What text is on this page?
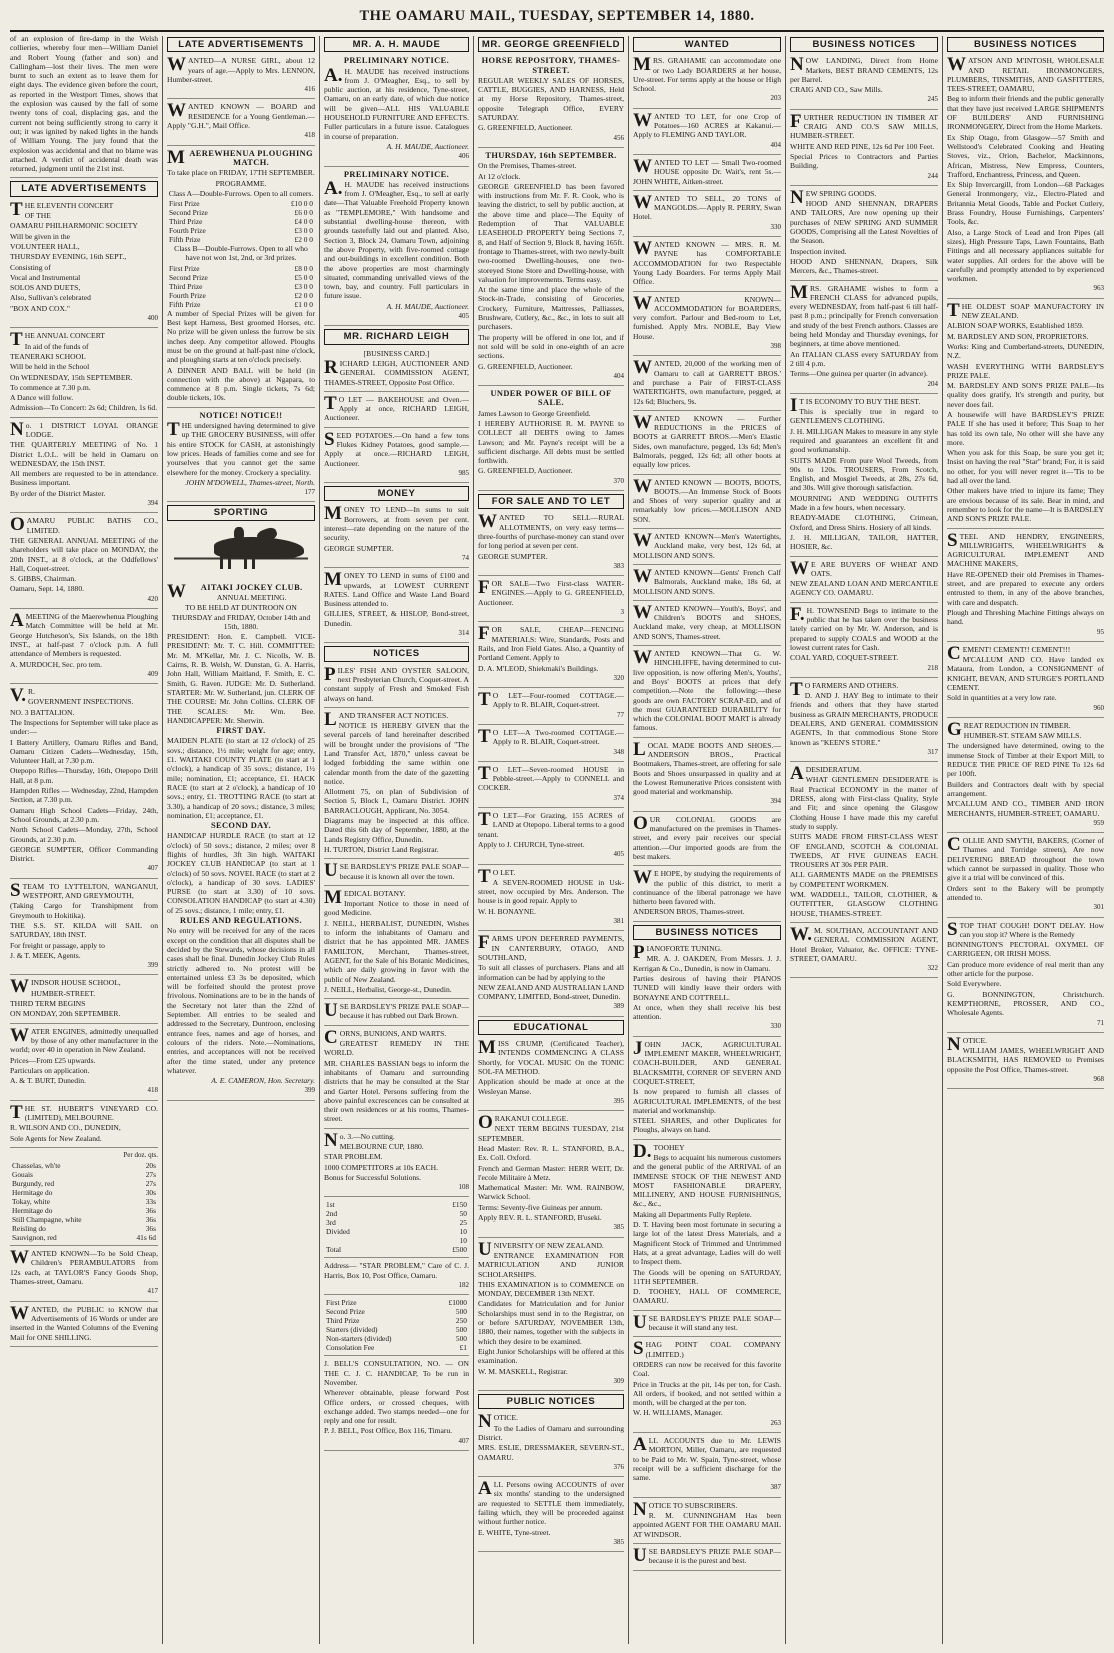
THE OAMARU MAIL, TUESDAY, SEPTEMBER 14, 1880.

of an explosion of fire-damp in the Welsh collieries, whereby four men—William Daniel and Robert Young (father and son) and Callingham—lost their lives. The men were burnt to such an extent as to leave them for eight days. The evidence given before the court, as reported in the Westport Times, shows that the explosion was caused by the fall of some twenty tons of coal, displacing gas, and the current not being sufficiently strong to carry it out; it was ignited by naked lights in the hands of William Young. The jury found that the explosion was accidental and that no blame was attached. A verdict of accidental death was returned, judgment until the 21st inst.

LATE ADVERTISEMENTS

THE ELEVENTH CONCERT

OF THE

OAMARU PHILHARMONIC SOCIETY

Will be given in the

VOLUNTEER HALL,

THURSDAY EVENING, 16th SEPT.,

Consisting of

Vocal and Instrumental

SOLOS AND DUETS,

Also, Sullivan's celebrated

"BOX AND COX."

400

THE ANNUAL CONCERT

In aid of the funds of

TEANERAKI SCHOOL

Will be held in the School

On WEDNESDAY, 15th SEPTEMBER.

To commence at 7.30 p.m.

A Dance will follow.

Admission—To Concert: 2s 6d; Children, 1s 6d.

No. 1 DISTRICT LOYAL ORANGE LODGE.

THE QUARTERLY MEETING of No. 1 District L.O.L. will be held in Oamaru on WEDNESDAY, the 15th INST.

All members are requested to be in attendance. Business important.

By order of the District Master.

394

OAMARU PUBLIC BATHS CO., LIMITED.

THE GENERAL ANNUAL MEETING of the shareholders will take place on MONDAY, the 20th INST., at 8 o'clock, at the Oddfellows' Hall, Coquet-street.

S. GIBBS, Chairman.

Oamaru, Sept. 14, 1880.

420

AMEETING of the Maerewhenua Ploughing Match Committee will be held at Mr. George Hutcheson's, Six Islands, on the 18th INST., at half-past 7 o'clock p.m. A full attendance of Members is requested.

A. MURDOCH, Sec. pro tem.

409

V.R.

GOVERNMENT INSPECTIONS.

NO. 3 BATTALION.

The Inspections for September will take place as under:—

I Battery Artillery, Oamaru Rifles and Band, Oamaru Citizen Cadets—Wednesday, 15th, Volunteer Hall, at 7.30 p.m.

Otepopo Rifles—Thursday, 16th, Otepopo Drill Hall, at 8 p.m.

Hampden Rifles — Wednesday, 22nd, Hampden Section, at 7.30 p.m.

Oamaru High School Cadets—Friday, 24th, School Grounds, at 2.30 p.m.

North School Cadets—Monday, 27th, School Grounds, at 2.30 p.m.

GEORGE SUMPTER, Officer Commanding District.

407

STEAM TO LYTTELTON, WANGANUI, WESTPORT, AND GREYMOUTH,

(Taking Cargo for Transhipment from Greymouth to Hokitika).

THE S.S. ST. KILDA will SAIL on SATURDAY, 18th INST.

For freight or passage, apply to

J. & T. MEEK, Agents.

399

WINDSOR HOUSE SCHOOL,

HUMBER-STREET.

THIRD TERM BEGINS

ON MONDAY, 20th SEPTEMBER.

WATER ENGINES, admittedly unequalled by those of any other manufacturer in the world; over 40 in operation in New Zealand.

Prices—From £25 upwards.

Particulars on application.

A. & T. BURT, Dunedin.

418

THE ST. HUBERT'S VINEYARD CO. (LIMITED), MELBOURNE.

R. WILSON AND CO., DUNEDIN,

Sole Agents for New Zealand.

Per doz. qts.

Chasselas, wh'te	20s
Gouais	27s
Burgundy, red	27s
Hermitage do	30s
Tokay, white	33s
Hermitage do	36s
Still Champagne, white	36s
Reisling do	36s
Sauvignon, red	41s 6d

WANTED KNOWN—To be Sold Cheap, Children's PERAMBULATORS from 12s each, at TAYLOR'S Fancy Goods Shop, Thames-street, Oamaru.

417

WANTED, the PUBLIC to KNOW that Advertisements of 16 Words or under are inserted in the Wanted Columns of the Evening Mail for ONE SHILLING.

LATE ADVERTISEMENTS

WANTED—A NURSE GIRL, about 12 years of age.—Apply to Mrs. LENNON, Humber-street.

416

WANTED KNOWN — BOARD and RESIDENCE for a Young Gentleman.—Apply "G.H.", Mail Office.

418

MAEREWHENUA PLOUGHING MATCH.

To take place on FRIDAY, 17TH SEPTEMBER.

PROGRAMME.

Class A—Double-Furrows. Open to all comers.

First Prize	£10 0 0
Second Prize	£6 0 0
Third Prize	£4 0 0
Fourth Prize	£3 0 0
Fifth Prize	£2 0 0

Class B—Double-Furrows. Open to all who have not won 1st, 2nd, or 3rd prizes.

First Prize	£8 0 0
Second Prize	£5 0 0
Third Prize	£3 0 0
Fourth Prize	£2 0 0
Fifth Prize	£1 0 0

A number of Special Prizes will be given for Best kept Harness, Best groomed Horses, etc. No prize will be given unless the furrow be six inches deep. Any competitor allowed. Ploughs must be on the ground at half-past nine o'clock, and ploughing starts at ten o'clock precisely.

A DINNER AND BALL will be held (in connection with the above) at Ngapara, to commence at 8 p.m. Single tickets, 7s 6d; double tickets, 10s.

NOTICE! NOTICE!!

THE undersigned having determined to give up THE GROCERY BUSINESS, will offer his entire STOCK for CASH, at astonishingly low prices. Heads of families come and see for yourselves that you cannot get the same elsewhere for the money. Crockery a speciality.

JOHN M'DOWELL, Thames-street, North.

177

SPORTING

WAITAKI JOCKEY CLUB.

ANNUAL MEETING.

TO BE HELD AT DUNTROON ON THURSDAY and FRIDAY, October 14th and 15th, 1880.

PRESIDENT: Hon. E. Campbell. VICE-PRESIDENT: Mr. T. C. Hill. COMMITTEE: Mr. M. M'Kellar, Mr. J. C. Nicolls, W. B. Cairns, R. B. Welsh, W. Dunstan, G. A. Harris, John Hall, William Maitland, F. Smith, E. C. Smith, G. Raven. JUDGE: Mr. D. Sutherland. STARTER: Mr. W. Sutherland, jun. CLERK OF THE COURSE: Mr. John Collins. CLERK OF THE SCALES: Mr. Wm. Bee. HANDICAPPER: Mr. Sherwin.

FIRST DAY.

MAIDEN PLATE (to start at 12 o'clock) of 25 sovs.; distance, 1½ mile; weight for age; entry, £1. WAITAKI COUNTY PLATE (to start at 1 o'clock), a handicap of 35 sovs.; distance, 1½ mile; nomination, £1; acceptance, £1. HACK RACE (to start at 2 o'clock), a handicap of 10 sovs.; entry, £1. TROTTING RACE (to start at 3.30), a handicap of 20 sovs.; distance, 3 miles; nomination, £1; acceptance, £1.

SECOND DAY.

HANDICAP HURDLE RACE (to start at 12 o'clock) of 50 sovs.; distance, 2 miles; over 8 flights of hurdles, 3ft 3in high. WAITAKI JOCKEY CLUB HANDICAP (to start at 1 o'clock) of 50 sovs. NOVEL RACE (to start at 2 o'clock), a handicap of 30 sovs. LADIES' PURSE (to start at 3.30) of 10 sovs. CONSOLATION HANDICAP (to start at 4.30) of 25 sovs.; distance, 1 mile; entry, £1.

RULES AND REGULATIONS.

No entry will be received for any of the races except on the condition that all disputes shall be decided by the Stewards, whose decisions in all cases shall be final. Dunedin Jockey Club Rules strictly adhered to. No protest will be entertained unless £3 3s be deposited, which will be forfeited should the protest prove frivolous. Nominations are to be in the hands of the Secretary not later than the 22nd of September. All entries to be sealed and addressed to the Secretary, Duntroon, enclosing entrance fees, names and age of horses, and colours of the riders. Note.—Nominations, entries, and acceptances will not be received after the time stated, under any pretence whatever.

A. E. CAMERON, Hon. Secretary.

399

MR. A. H. MAUDE

PRELIMINARY NOTICE.

A.H. MAUDE has received instructions from J. O'Meagher, Esq., to sell by public auction, at his residence, Tyne-street, Oamaru, on an early date, of which due notice will be given—ALL HIS VALUABLE HOUSEHOLD FURNITURE AND EFFECTS. Fuller particulars in a future issue. Catalogues in course of preparation.

A. H. MAUDE, Auctioneer.

406

PRELIMINARY NOTICE.

A.H. MAUDE has received instructions from J. O'Meagher, Esq., to sell at early date—That Valuable Freehold Property known as "TEMPLEMORE," With handsome and substantial dwelling-house thereon, with grounds tastefully laid out and planted. Also, Section 3, Block 24, Oamaru Town, adjoining the above Property, with five-roomed cottage and out-buildings in excellent condition. Both the above properties are most charmingly situated, commanding unrivalled views of the town, bay, and country. Full particulars in future issue.

A. H. MAUDE, Auctioneer.

405

MR. RICHARD LEIGH

[BUSINESS CARD.]

RICHARD LEIGH, AUCTIONEER AND GENERAL COMMISSION AGENT, THAMES-STREET, Opposite Post Office.

TO LET — BAKEHOUSE and Oven.—Apply at once, RICHARD LEIGH, Auctioneer.

SEED POTATOES.—On hand a few tons Flukes Kidney Potatoes, good sample.—Apply at once.—RICHARD LEIGH, Auctioneer.

985

MONEY

MONEY TO LEND—In sums to suit Borrowers, at from seven per cent. interest—rate depending on the nature of the security.

GEORGE SUMPTER.

74

MONEY TO LEND in sums of £100 and upwards, at LOWEST CURRENT RATES. Land Office and Waste Land Board Business attended to.

GILLIES, STREET, & HISLOP, Bond-street, Dunedin.

314

NOTICES

PILES' FISH AND OYSTER SALOON, next Presbyterian Church, Coquet-street. A constant supply of Fresh and Smoked Fish always on hand.

LAND TRANSFER ACT NOTICES.

NOTICE IS HEREBY GIVEN that the several parcels of land hereinafter described will be brought under the provisions of "The Land Transfer Act, 1870," unless caveat be lodged forbidding the same within one calendar month from the date of the gazetting notice.

Allotment 75, on plan of Subdivision of Section 5, Block I., Oamaru District. JOHN BARRACLOUGH, Applicant, No. 3054.

Diagrams may be inspected at this office. Dated this 6th day of September, 1880, at the Lands Registry Office, Dunedin.

H. TURTON, District Land Registrar.

USE BARDSLEY'S PRIZE PALE SOAP—because it is known all over the town.

MEDICAL BOTANY.

Important Notice to those in need of good Medicine.

J. NEILL, HERBALIST, DUNEDIN, Wishes to inform the inhabitants of Oamaru and district that he has appointed MR. JAMES FAMILTON, Merchant, Thames-street, AGENT, for the Sale of his Botanic Medicines, which are daily growing in favor with the public of New Zealand.

J. NEILL, Herbalist, George-st., Dunedin.

USE BARDSLEY'S PRIZE PALE SOAP—because it has rubbed out Dark Brown.

CORNS, BUNIONS, AND WARTS.

GREATEST REMEDY IN THE WORLD.

MR. CHARLES BASSIAN begs to inform the inhabitants of Oamaru and surrounding districts that he may be consulted at the Star and Garter Hotel. Persons suffering from the above painful excrescences can be consulted at their own residences or at his rooms, Thames-street.

No. 3.—No cutting.

MELBOURNE CUP, 1880.

STAR PROBLEM.

1000 COMPETITORS at 10s EACH.

Bonus for Successful Solutions.

108

1st	£150
2nd	50
3rd	25
Divided	10
	10
Total	£500

Address— "STAR PROBLEM," Care of C. J. Harris, Box 10, Post Office, Oamaru.

182

First Prize	£1000
Second Prize	500
Third Prize	250
Starters (divided)	500
Non-starters (divided)	500
Consolation Fee	£1

J. BELL'S CONSULTATION, NO. — ON THE C. J. C. HANDICAP, To be run in November.

Wherever obtainable, please forward Post Office orders, or crossed cheques, with exchange added. Two stamps needed—one for reply and one for result.

P. J. BELL, Post Office, Box 116, Timaru.

407

MR. GEORGE GREENFIELD

HORSE REPOSITORY, THAMES-STREET.

REGULAR WEEKLY SALES OF HORSES, CATTLE, BUGGIES, AND HARNESS, Held at my Horse Repository, Thames-street, opposite Telegraph Office, EVERY SATURDAY.

G. GREENFIELD, Auctioneer.

456

THURSDAY, 16th SEPTEMBER.

On the Premises, Thames-street.

At 12 o'clock.

GEORGE GREENFIELD has been favored with instructions from Mr. F. R. Cook, who is leaving the district, to sell by public auction, at the above time and place—The Equity of Redemption of That VALUABLE LEASEHOLD PROPERTY being Sections 7, 8, and Half of Section 9, Block 8, having 165ft. frontage to Thames-street, with two newly-built two-roomed Dwelling-houses, one two-storeyed Stone Store and Dwelling-house, with valuation for improvements. Terms easy.

At the same time and place the whole of the Stock-in-Trade, consisting of Groceries, Crockery, Furniture, Mattresses, Palliasses, Brushware, Cutlery, &c., &c., in lots to suit all purchasers.

The property will be offered in one lot, and if not sold will be sold in one-eighth of an acre sections.

G. GREENFIELD, Auctioneer.

404

UNDER POWER OF BILL OF SALE.

James Lawson to George Greenfield.

I HEREBY AUTHORISE R. M. PAYNE to COLLECT all DEBTS owing to James Lawson; and Mr. Payne's receipt will be a sufficient discharge. All debts must be settled forthwith.

G. GREENFIELD, Auctioneer.

370

FOR SALE AND TO LET

WANTED TO SELL—RURAL ALLOTMENTS, on very easy terms—three-fourths of purchase-money can stand over for long period at seven per cent.

GEORGE SUMPTER.

383

FOR SALE—Two First-class WATER-ENGINES.—Apply to G. GREENFIELD, Auctioneer.

3

FOR SALE, CHEAP—FENCING MATERIALS: Wire, Standards, Posts and Rails, and Iron Field Gates. Also, a Quantity of Portland Cement. Apply to

D. A. M'LEOD, Shiekmaki's Buildings.

320

TO LET—Four-roomed COTTAGE.—Apply to R. BLAIR, Coquet-street.

77

TO LET—A Two-roomed COTTAGE.—Apply to R. BLAIR, Coquet-street.

348

TO LET—Seven-roomed HOUSE in Pebble-street.—Apply to CONNELL and COCKER.

374

TO LET—For Grazing, 155 ACRES of LAND at Otepopo. Liberal terms to a good tenant.

Apply to J. CHURCH, Tyne-street.

405

TO LET.

A SEVEN-ROOMED HOUSE in Usk-street, now occupied by Mrs. Anderson. The house is in good repair. Apply to

W. H. BONAYNE.

381

FARMS UPON DEFERRED PAYMENTS, IN CANTERBURY, OTAGO, AND SOUTHLAND,

To suit all classes of purchasers. Plans and all information can be had by applying to the

NEW ZEALAND AND AUSTRALIAN LAND COMPANY, LIMITED, Bond-street, Dunedin.

389

EDUCATIONAL

MISS CRUMP, (Certificated Teacher), INTENDS COMMENCING A CLASS Shortly, for VOCAL MUSIC On the TONIC SOL-FA METHOD.

Application should be made at once at the Wesleyan Manse.

395

ORAKANUI COLLEGE.

NEXT TERM BEGINS TUESDAY, 21st SEPTEMBER.

Head Master: Rev. R. L. STANFORD, B.A., Ex. Coll. Oxford.

French and German Master: HERR WEIT, Dr. l'ecole Militaire à Metz.

Mathematical Master: Mr. WM. RAINBOW, Warwick School.

Terms: Seventy-five Guineas per annum.

Apply REV. R. L. STANFORD, B'useki.

385

UNIVERSITY OF NEW ZEALAND.

ENTRANCE EXAMINATION FOR MATRICULATION AND JUNIOR SCHOLARSHIPS.

THIS EXAMINATION is to COMMENCE on MONDAY, DECEMBER 13th NEXT.

Candidates for Matriculation and for Junior Scholarships must send in to the Registrar, on or before SATURDAY, NOVEMBER 13th, 1880, their names, together with the subjects in which they desire to be examined.

Eight Junior Scholarships will be offered at this examination.

W. M. MASKELL, Registrar.

309

PUBLIC NOTICES

NOTICE.

To the Ladies of Oamaru and surrounding District.

MRS. ESLIE, DRESSMAKER, SEVERN-ST., OAMARU.

376

ALL Persons owing ACCOUNTS of over six months' standing to the undersigned are requested to SETTLE them immediately, failing which, they will be proceeded against without further notice.

E. WHITE, Tyne-street.

385

WANTED

MRS. GRAHAME can accommodate one or two Lady BOARDERS at her house, Ure-street. For terms apply at the house or High School.

203

WANTED TO LET, for one Crop of Potatoes—160 ACRES at Kakanui.—Apply to FLEMING AND TAYLOR.

404

WANTED TO LET — Small Two-roomed HOUSE opposite Dr. Wait's, rent 5s.—JOHN WHITE, Aitken-street.

WANTED TO SELL, 20 TONS of MANGOLDS.—Apply R. PERRY, Swan Hotel.

330

WANTED KNOWN — MRS. R. M. PAYNE has COMFORTABLE ACCOMMODATION for two Respectable Young Lady Boarders. For terms Apply Mail Office.

WANTED KNOWN—ACCOMMODATION for BOARDERS, very comfort. Parlour and Bed-room to Let, furnished. Apply Mrs. NOBLE, Bay View House.

398

WANTED, 20,000 of the working men of Oamaru to call at GARRETT BROS.' and purchase a Pair of FIRST-CLASS WATERTIGHTS, own manufacture, pegged, at 12s 6d; Bluchers, 9s.

WANTED KNOWN — Further REDUCTIONS in the PRICES of BOOTS at GARRETT BROS.—Men's Elastic Sides, own manufacture, pegged, 13s 6d; Men's Balmorals, pegged, 12s 6d; all other boots at equally low prices.

WANTED KNOWN — BOOTS, BOOTS, BOOTS.—An Immense Stock of Boots and Shoes of very superior quality and at remarkably low prices.—MOLLISON AND SON.

WANTED KNOWN—Men's Watertights, Auckland make, very best, 12s 6d, at MOLLISON AND SON'S.

WANTED KNOWN—Gents' French Calf Balmorals, Auckland make, 18s 6d, at MOLLISON AND SON'S.

WANTED KNOWN—Youth's, Boys', and Children's BOOTS and SHOES, Auckland make, very cheap, at MOLLISON AND SON'S, Thames-street.

WANTED KNOWN—That G. W. HINCHLIFFE, having determined to cut-live opposition, is now offering Men's, Youths', and Boys' BOOTS at prices that defy competition.—Note the following:—these goods are own FACTORY SCRAP-ED, and of the most GUARANTEED DURABILITY for which the COLONIAL BOOT MART is already famous.

LOCAL MADE BOOTS AND SHOES.—ANDERSON BROS., Practical Bootmakers, Thames-street, are offering for sale Boots and Shoes unsurpassed in quality and at the Lowest Remunerative Prices consistent with good material and workmanship.

394

OUR COLONIAL GOODS are manufactured on the premises in Thames-street, and every pair receives our special attention.—Our imported goods are from the best makers.

WE HOPE, by studying the requirements of the public of this district, to merit a continuance of the liberal patronage we have hitherto been favored with.

ANDERSON BROS, Thames-street.

BUSINESS NOTICES

PIANOFORTE TUNING.

MR. A. J. OAKDEN, From Messrs. J. J. Kerrigan & Co., Dunedin, is now in Oamaru.

Parties desirous of having their PIANOS TUNED will kindly leave their orders with BONAYNE AND COTTRELL.

At once, when they shall receive his best attention.

330

JOHN JACK, AGRICULTURAL IMPLEMENT MAKER, WHEELWRIGHT, COACH-BUILDER, AND GENERAL BLACKSMITH, CORNER OF SEVERN AND COQUET-STREET,

Is now prepared to furnish all classes of AGRICULTURAL IMPLEMENTS, of the best material and workmanship.

STEEL SHARES, and other Duplicates for Ploughs, always on hand.

D.TOOHEY

Begs to acquaint his numerous customers and the general public of the ARRIVAL of an IMMENSE STOCK OF THE NEWEST AND MOST FASHIONABLE DRAPERY, MILLINERY, AND HOUSE FURNISHINGS, &c., &c.,

Making all Departments Fully Replete.

D. T. Having been most fortunate in securing a large lot of the latest Dress Materials, and a Magnificent Stock of Trimmed and Untrimmed Hats, at a great advantage, Ladies will do well to Inspect them.

The Goods will be opening on SATURDAY, 11TH SEPTEMBER.

D. TOOHEY, HALL OF COMMERCE, OAMARU.

USE BARDSLEY'S PRIZE PALE SOAP—because it will stand any test.

SHAG POINT COAL COMPANY (LIMITED.)

ORDERS can now be received for this favorite Coal.

Price in Trucks at the pit, 14s per ton, for Cash. All orders, if booked, and not settled within a month, will be charged at the per ton.

W. H. WILLIAMS, Manager.

263

ALL ACCOUNTS due to Mr. LEWIS MORTON, Miller, Oamaru, are requested to be Paid to Mr. W. Spain, Tyne-street, whose receipt will be a sufficient discharge for the same.

387

NOTICE TO SUBSCRIBERS.

R. M. CUNNINGHAM Has been appointed AGENT FOR THE OAMARU MAIL AT WINDSOR.

USE BARDSLEY'S PRIZE PALE SOAP—because it is the purest and best.

BUSINESS NOTICES

NOW LANDING, Direct from Home Markets, BEST BRAND CEMENTS, 12s per Barrel.

CRAIG AND CO., Saw Mills.

245

FURTHER REDUCTION IN TIMBER AT CRAIG AND CO.'S SAW MILLS, HUMBER-STREET.

WHITE AND RED PINE, 12s 6d Per 100 Feet.

Special Prices to Contractors and Parties Building.

244

NEW SPRING GOODS.

HOOD AND SHENNAN, DRAPERS AND TAILORS, Are now opening up their purchases of NEW SPRING AND SUMMER GOODS, Comprising all the Latest Novelties of the Season.

Inspection invited.

HOOD AND SHENNAN, Drapers, Silk Mercers, &c., Thames-street.

MRS. GRAHAME wishes to form a FRENCH CLASS for advanced pupils, every WEDNESDAY, from half-past 6 till half-past 8 p.m.; principally for French conversation and study of the best French authors. Classes are being held Monday and Thursday evenings, for beginners, at time above mentioned.

An ITALIAN CLASS every SATURDAY from 2 till 4 p.m.

Terms—One guinea per quarter (in advance).

204

IT IS ECONOMY TO BUY THE BEST.

This is specially true in regard to GENTLEMEN'S CLOTHING.

J. H. MILLIGAN Makes to measure in any style required and guarantees an excellent fit and good workmanship.

SUITS MADE From pure Wool Tweeds, from 90s to 120s. TROUSERS, From Scotch, English, and Mosgiel Tweeds, at 28s, 27s 6d, and 30s. Will give thorough satisfaction.

MOURNING AND WEDDING OUTFITS Made in a few hours, when necessary.

READY-MADE CLOTHING, Crimean, Oxford, and Dress Shirts. Hosiery of all kinds.

J. H. MILLIGAN, TAILOR, HATTER, HOSIER, &c.

WE ARE BUYERS OF WHEAT AND OATS.

NEW ZEALAND LOAN AND MERCANTILE AGENCY CO. OAMARU.

F.H. TOWNSEND Begs to intimate to the public that he has taken over the business lately carried on by Mr. W. Anderson, and is prepared to supply COALS and WOOD at the lowest current rates for Cash.

COAL YARD, COQUET-STREET.

218

TO FARMERS AND OTHERS.

D. AND J. HAY Beg to intimate to their friends and others that they have started business as GRAIN MERCHANTS, PRODUCE DEALERS, AND GENERAL COMMISSION AGENTS, In that commodious Stone Store known as "KEEN'S STORE."

317

ADESIDERATUM.

WHAT GENTLEMEN DESIDERATE is Real Practical ECONOMY in the matter of DRESS, along with First-class Quality, Style and Fit; and since opening the Glasgow Clothing House I have made this my careful study to supply.

SUITS MADE FROM FIRST-CLASS WEST OF ENGLAND, SCOTCH & COLONIAL TWEEDS, AT FIVE GUINEAS EACH. TROUSERS AT 30s PER PAIR.

ALL GARMENTS MADE on the PREMISES by COMPETENT WORKMEN.

WM. WADDELL, TAILOR, CLOTHIER, & OUTFITTER, GLASGOW CLOTHING HOUSE, THAMES-STREET.

W.M. SOUTHAN, ACCOUNTANT AND GENERAL COMMISSION AGENT, Hotel Broker, Valuator, &c. OFFICE: TYNE-STREET, OAMARU.

322

BUSINESS NOTICES

WATSON AND M'INTOSH, WHOLESALE AND RETAIL IRONMONGERS, PLUMBERS, TINSMITHS, AND GASFITTERS, TEES-STREET, OAMARU,

Beg to inform their friends and the public generally that they have just received LARGE SHIPMENTS OF BUILDERS' AND FURNISHING IRONMONGERY, Direct from the Home Markets.

Ex Ship Otago, from Glasgow—57 Smith and Wellstood's Celebrated Cooking and Heating Stoves, viz., Orion, Bachelor, Mackinnons, African, Mistress, New Empress, Counters, Trafford, Enchantress, Princess, and Queen.

Ex Ship Invercargill, from London—68 Packages General Ironmongery, viz., Electro-Plated and Britannia Metal Goods, Table and Pocket Cutlery, Brass Foundry, House Furnishings, Carpenters' Tools, &c.

Also, a Large Stock of Lead and Iron Pipes (all sizes), High Pressure Taps, Lawn Fountains, Bath Fittings and all necessary appliances suitable for water supplies. All orders for the above will be carefully and promptly attended to by experienced workmen.

963

THE OLDEST SOAP MANUFACTORY IN NEW ZEALAND.

ALBION SOAP WORKS, Established 1859.

M. BARDSLEY AND SON, PROPRIETORS.

Works: King and Cumberland-streets, DUNEDIN, N.Z.

WASH EVERYTHING WITH BARDSLEY'S PRIZE PALE.

M. BARDSLEY AND SON'S PRIZE PALE—Its quality does gratify, It's strength and purity, but never does fail.

A housewife will have BARDSLEY'S PRIZE PALE If she has used it before; This Soap to her has told its own tale, No other will she have any more.

When you ask for this Soap, be sure you get it; Insist on having the real "Star" brand; For, it is said no other, for you will never regret it—'Tis to be had all over the land.

Other makers have tried to injure its fame; They are envious because of its sale. Bear in mind, and remember to look for the name—It is BARDSLEY AND SON'S PRIZE PALE.

STEEL AND HENDRY, ENGINEERS, MILLWRIGHTS, WHEELWRIGHTS & AGRICULTURAL IMPLEMENT AND MACHINE MAKERS,

Have RE-OPENED their old Premises in Thames-street, and are prepared to execute any orders entrusted to them, in any of the above branches, with care and despatch.

Plough and Threshing Machine Fittings always on hand.

95

CEMENT! CEMENT!! CEMENT!!!

M'CALLUM AND CO. Have landed ex Mataura, from London, a CONSIGNMENT of KNIGHT, BEVAN, AND STURGE'S PORTLAND CEMENT.

Sold in quantities at a very low rate.

960

GREAT REDUCTION IN TIMBER.

HUMBER-ST. STEAM SAW MILLS.

The undersigned have determined, owing to the immense Stock of Timber at their Export Mill, to REDUCE THE PRICE OF RED PINE To 12s 6d per 100ft.

Builders and Contractors dealt with by special arrangement.

M'CALLUM AND CO., TIMBER AND IRON MERCHANTS, HUMBER-STREET, OAMARU.

959

COLLIE AND SMYTH, BAKERS, (Corner of Thames and Torridge streets), Are now DELIVERING BREAD throughout the town which cannot be surpassed in quality. Those who give it a trial will be convinced of this.

Orders sent to the Bakery will be promptly attended to.

301

STOP THAT COUGH! DON'T DELAY. How can you stop it? Where is the Remedy

BONNINGTON'S PECTORAL OXYMEL OF CARRIGEEN, OR IRISH MOSS.

Can produce more evidence of real merit than any other article for the purpose.

Sold Everywhere.

G. BONNINGTON, Christchurch. KEMPTHORNE, PROSSER, AND CO., Wholesale Agents.

71

NOTICE.

WILLIAM JAMES, WHEELWRIGHT AND BLACKSMITH, HAS REMOVED to Premises opposite the Post Office, Thames-street.

968
